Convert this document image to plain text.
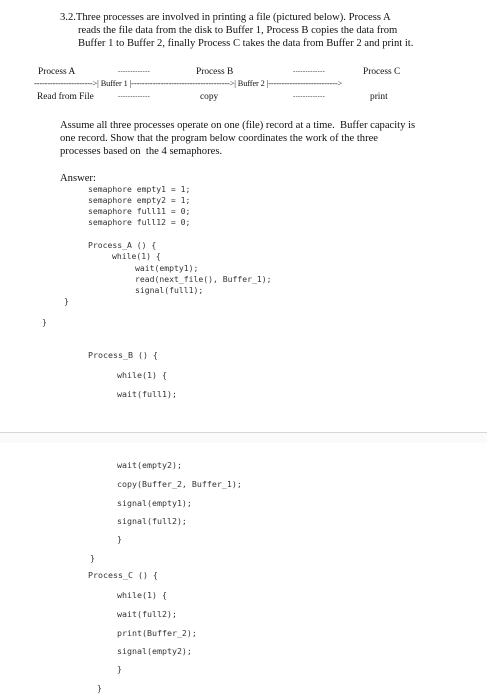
3.2.Three processes are involved in printing a file (pictured below). Process A
reads the file data from the disk to Buffer 1, Process B copies the data from
Buffer 1 to Buffer 2, finally Process C takes the data from Buffer 2 and print it.
Process A	-------------	Process B	-------------	Process C
---------------------->| Buffer 1 |------------------------------------->| Buffer 2 |-------------------------->
Read from File	-------------	copy	-------------	print
Assume all three processes operate on one (file) record at a time.  Buffer capacity is
one record. Show that the program below coordinates the work of the three
processes based on  the 4 semaphores.
Answer:
semaphore empty1 = 1;
semaphore empty2 = 1;
semaphore full11 = 0;
semaphore full12 = 0;
Process_A () {
while(1) {
wait(empty1);
read(next_file(), Buffer_1);
signal(full1);
}
}
Process_B () {
while(1) {
wait(full1);
wait(empty2);
copy(Buffer_2, Buffer_1);
signal(empty1);
signal(full2);
}
}
Process_C () {
while(1) {
wait(full2);
print(Buffer_2);
signal(empty2);
}
}
